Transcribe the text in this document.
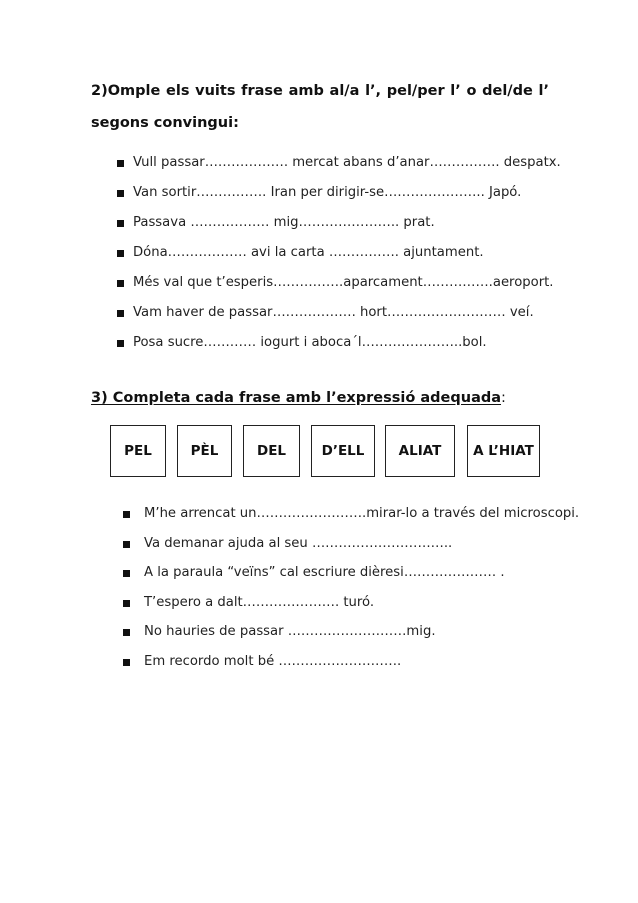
2)Omple els vuits frase amb al/a l’, pel/per l’ o del/de l’ segons convingui:

Vull passar………………. mercat abans d’anar……………. despatx.
Van sortir……………. Iran per dirigir-se………………….. Japó.
Passava ……………… mig………………….. prat.
Dóna……………… avi la carta ……………. ajuntament.
Més val que t’esperis…………….aparcament…………….aeroport.
Vam haver de passar………………. hort……………………… veí.
Posa sucre………… iogurt i aboca´l…………………..bol.

3) Completa cada frase amb l’expressió adequada:

PEL	PÈL	DEL	D’ELL	ALIAT	A L’HIAT
M’he arrencat un…………………….mirar-lo a través del microscopi.
Va demanar ajuda al seu …………………………..
A la paraula “veïns” cal escriure dièresi………………… .
T’espero a dalt…………………. turó.
No hauries de passar ………………………mig.
Em recordo molt bé ……………………….
